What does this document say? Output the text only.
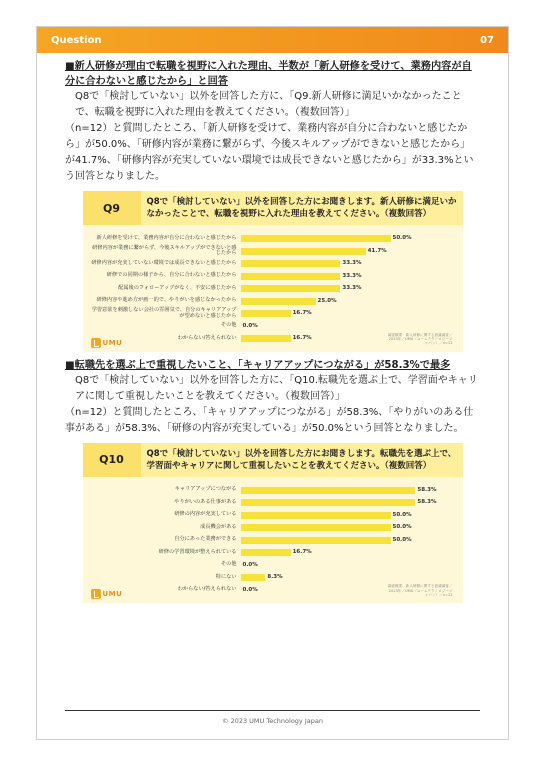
Question	07

■新人研修が理由で転職を視野に入れた理由、半数が「新人研修を受けて、業務内容が自分に合わないと感じたから」と回答

Q8で「検討していない」以外を回答した方に、「Q9.新人研修に満足いかなかったことで、転職を視野に入れた理由を教えてください。（複数回答）」

（n=12）と質問したところ、「新人研修を受けて、業務内容が自分に合わないと感じたから」が50.0%、「研修内容が業務に繋がらず、今後スキルアップができないと感じたから」が41.7%、「研修内容が充実していない環境では成長できないと感じたから」が33.3%という回答となりました。

Q9	Q8で「検討していない」以外を回答した方にお聞きします。新人研修に満足いかなかったことで、転職を視野に入れた理由を教えてください。（複数回答）
新人研修を受けて、業務内容が自分に合わないと感じたから	50.0%
研修内容が業務に繋がらず、今後スキルアップができないと感じたから	41.7%
研修内容が充実していない環境では成長できないと感じたから	33.3%
研修での同期の様子から、自分に合わないと感じたから	33.3%
配属後のフォローアップがなく、不安に感じたから	33.3%
研修内容や進め方が画一的で、やりがいを感じなかったから	25.0%
学習意欲を刺激しない会社の雰囲気で、自分のキャリアアップが望めないと感じたから	16.7%
その他	0.0%
わからない/答えられない	16.7%
UMU
調査概要：新人研修に関する意識調査／2023年／UMU（ユームテクノロジージャパン）／n=12

■転職先を選ぶ上で重視したいこと、「キャリアアップにつながる」が58.3%で最多

Q8で「検討していない」以外を回答した方に、「Q10.転職先を選ぶ上で、学習面やキャリアに関して重視したいことを教えてください。（複数回答）」

（n=12）と質問したところ、「キャリアアップにつながる」が58.3%、「やりがいのある仕事がある」が58.3%、「研修の内容が充実している」が50.0%という回答となりました。

Q10	Q8で「検討していない」以外を回答した方にお聞きします。転職先を選ぶ上で、学習面やキャリアに関して重視したいことを教えてください。（複数回答）
キャリアアップにつながる	58.3%
やりがいのある仕事がある	58.3%
研修の内容が充実している	50.0%
成長機会がある	50.0%
自分にあった業務ができる	50.0%
研修の学習環境が整えられている	16.7%
その他	0.0%
特にない	8.3%
わからない/答えられない	0.0%
UMU
調査概要：新人研修に関する意識調査／2023年／UMU（ユームテクノロジージャパン）／n=12
© 2023 UMU Technology Japan
